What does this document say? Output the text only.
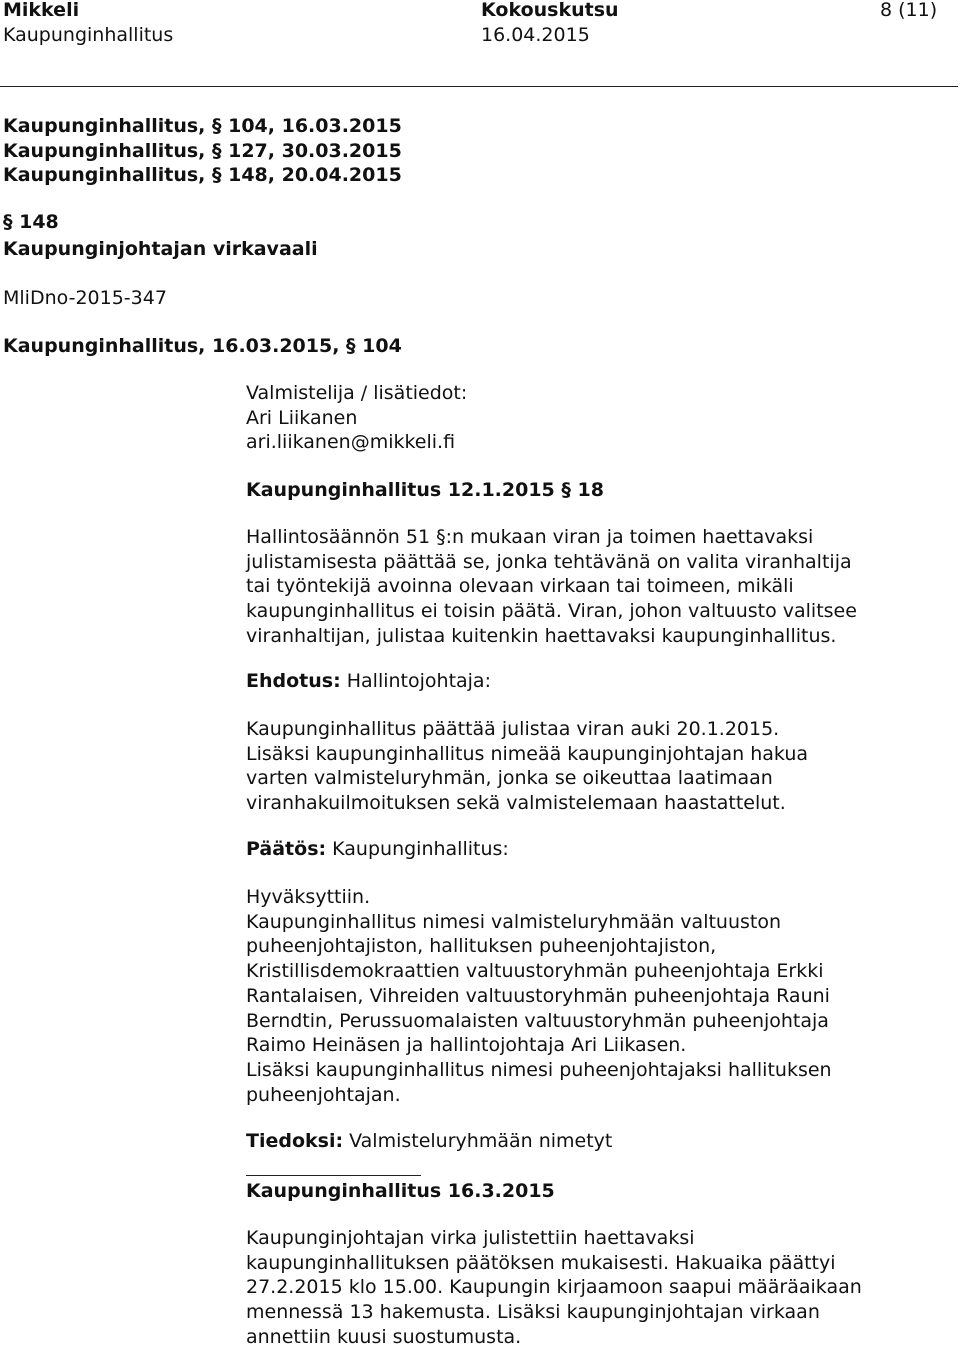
Mikkeli	Kokouskutsu	8 (11)
Kaupunginhallitus	16.04.2015
Kaupunginhallitus, § 104, 16.03.2015
Kaupunginhallitus, § 127, 30.03.2015
Kaupunginhallitus, § 148, 20.04.2015
§ 148
Kaupunginjohtajan virkavaali
MliDno-2015-347
Kaupunginhallitus, 16.03.2015, § 104
Valmistelija / lisätiedot:
Ari Liikanen
ari.liikanen@mikkeli.fi
Kaupunginhallitus 12.1.2015 § 18
Hallintosäännön 51 §:n mukaan viran ja toimen haettavaksi
julistamisesta päättää se, jonka tehtävänä on valita viranhaltija
tai työntekijä avoinna olevaan virkaan tai toimeen, mikäli
kaupunginhallitus ei toisin päätä. Viran, johon valtuusto valitsee
viranhaltijan, julistaa kuitenkin haettavaksi kaupunginhallitus.
Ehdotus: Hallintojohtaja:
Kaupunginhallitus päättää julistaa viran auki 20.1.2015.
Lisäksi kaupunginhallitus nimeää kaupunginjohtajan hakua
varten valmisteluryhmän, jonka se oikeuttaa laatimaan
viranhakuilmoituksen sekä valmistelemaan haastattelut.
Päätös: Kaupunginhallitus:
Hyväksyttiin.
Kaupunginhallitus nimesi valmisteluryhmään valtuuston
puheenjohtajiston, hallituksen puheenjohtajiston,
Kristillisdemokraattien valtuustoryhmän puheenjohtaja Erkki
Rantalaisen, Vihreiden valtuustoryhmän puheenjohtaja Rauni
Berndtin, Perussuomalaisten valtuustoryhmän puheenjohtaja
Raimo Heinäsen ja hallintojohtaja Ari Liikasen.
Lisäksi kaupunginhallitus nimesi puheenjohtajaksi hallituksen
puheenjohtajan.
Tiedoksi: Valmisteluryhmään nimetyt
Kaupunginhallitus 16.3.2015
Kaupunginjohtajan virka julistettiin haettavaksi
kaupunginhallituksen päätöksen mukaisesti. Hakuaika päättyi
27.2.2015 klo 15.00. Kaupungin kirjaamoon saapui määräaikaan
mennessä 13 hakemusta. Lisäksi kaupunginjohtajan virkaan
annettiin kuusi suostumusta.
